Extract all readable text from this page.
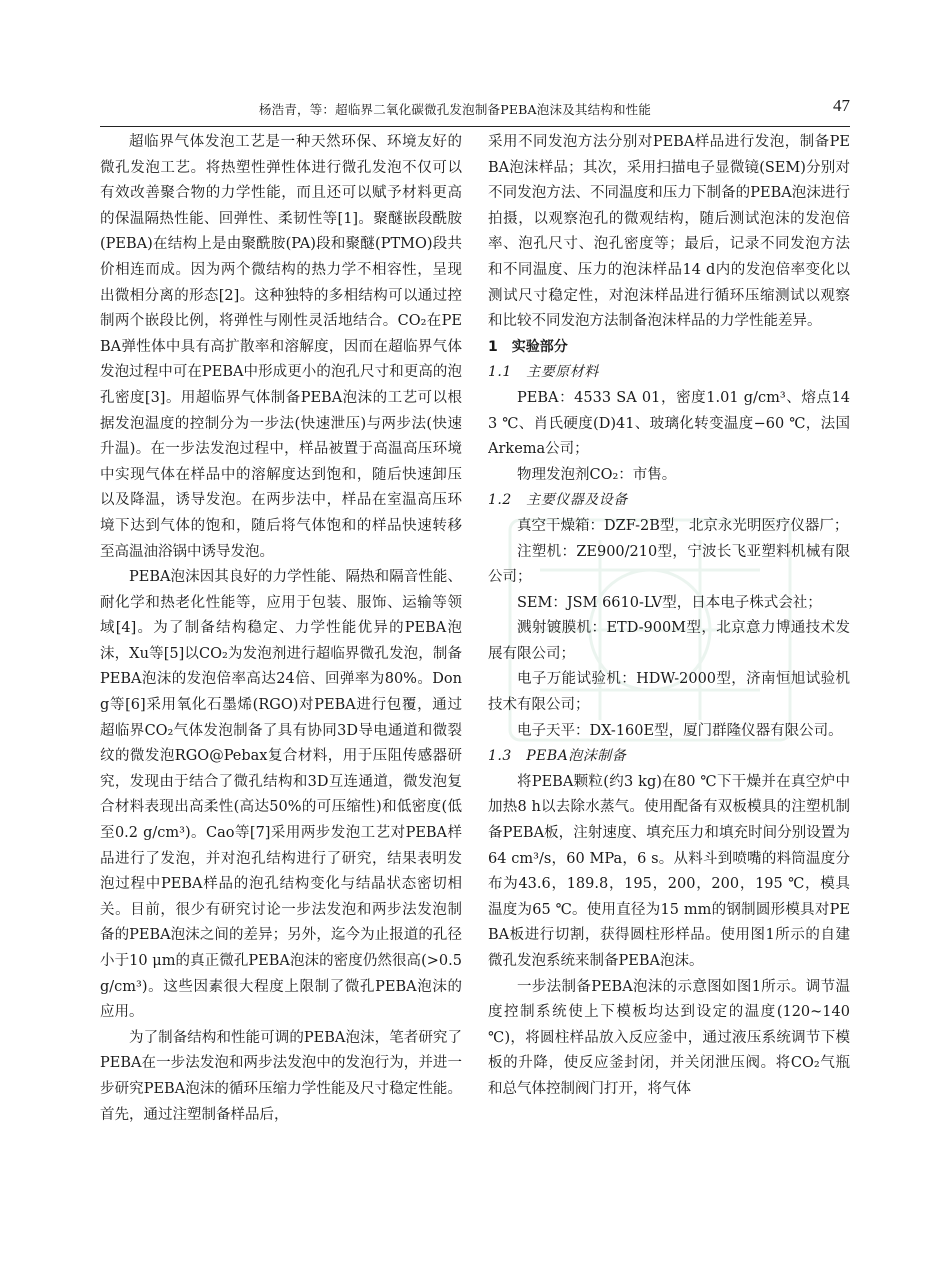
杨浩青，等：超临界二氧化碳微孔发泡制备PEBA泡沫及其结构和性能	47

超临界气体发泡工艺是一种天然环保、环境友好的微孔发泡工艺。将热塑性弹性体进行微孔发泡不仅可以有效改善聚合物的力学性能，而且还可以赋予材料更高的保温隔热性能、回弹性、柔韧性等[1]。聚醚嵌段酰胺(PEBA)在结构上是由聚酰胺(PA)段和聚醚(PTMO)段共价相连而成。因为两个微结构的热力学不相容性，呈现出微相分离的形态[2]。这种独特的多相结构可以通过控制两个嵌段比例，将弹性与刚性灵活地结合。CO₂在PEBA弹性体中具有高扩散率和溶解度，因而在超临界气体发泡过程中可在PEBA中形成更小的泡孔尺寸和更高的泡孔密度[3]。用超临界气体制备PEBA泡沫的工艺可以根据发泡温度的控制分为一步法(快速泄压)与两步法(快速升温)。在一步法发泡过程中，样品被置于高温高压环境中实现气体在样品中的溶解度达到饱和，随后快速卸压以及降温，诱导发泡。在两步法中，样品在室温高压环境下达到气体的饱和，随后将气体饱和的样品快速转移至高温油浴锅中诱导发泡。

PEBA泡沫因其良好的力学性能、隔热和隔音性能、耐化学和热老化性能等，应用于包装、服饰、运输等领域[4]。为了制备结构稳定、力学性能优异的PEBA泡沫，Xu等[5]以CO₂为发泡剂进行超临界微孔发泡，制备PEBA泡沫的发泡倍率高达24倍、回弹率为80%。Dong等[6]采用氧化石墨烯(RGO)对PEBA进行包覆，通过超临界CO₂气体发泡制备了具有协同3D导电通道和微裂纹的微发泡RGO@Pebax复合材料，用于压阻传感器研究，发现由于结合了微孔结构和3D互连通道，微发泡复合材料表现出高柔性(高达50%的可压缩性)和低密度(低至0.2 g/cm³)。Cao等[7]采用两步发泡工艺对PEBA样品进行了发泡，并对泡孔结构进行了研究，结果表明发泡过程中PEBA样品的泡孔结构变化与结晶状态密切相关。目前，很少有研究讨论一步法发泡和两步法发泡制备的PEBA泡沫之间的差异；另外，迄今为止报道的孔径小于10 μm的真正微孔PEBA泡沫的密度仍然很高(>0.5 g/cm³)。这些因素很大程度上限制了微孔PEBA泡沫的应用。

为了制备结构和性能可调的PEBA泡沫，笔者研究了PEBA在一步法发泡和两步法发泡中的发泡行为，并进一步研究PEBA泡沫的循环压缩力学性能及尺寸稳定性能。首先，通过注塑制备样品后，

采用不同发泡方法分别对PEBA样品进行发泡，制备PEBA泡沫样品；其次，采用扫描电子显微镜(SEM)分别对不同发泡方法、不同温度和压力下制备的PEBA泡沫进行拍摄，以观察泡孔的微观结构，随后测试泡沫的发泡倍率、泡孔尺寸、泡孔密度等；最后，记录不同发泡方法和不同温度、压力的泡沫样品14 d内的发泡倍率变化以测试尺寸稳定性，对泡沫样品进行循环压缩测试以观察和比较不同发泡方法制备泡沫样品的力学性能差异。

1　实验部分

1.1　主要原材料

PEBA：4533 SA 01，密度1.01 g/cm³、熔点143 ℃、肖氏硬度(D)41、玻璃化转变温度−60 ℃，法国Arkema公司；

物理发泡剂CO₂：市售。

1.2　主要仪器及设备

真空干燥箱：DZF-2B型，北京永光明医疗仪器厂；

注塑机：ZE900/210型，宁波长飞亚塑料机械有限公司；

SEM：JSM 6610-LV型，日本电子株式会社；

溅射镀膜机：ETD-900M型，北京意力博通技术发展有限公司；

电子万能试验机：HDW-2000型，济南恒旭试验机技术有限公司；

电子天平：DX-160E型，厦门群隆仪器有限公司。

1.3　PEBA泡沫制备

将PEBA颗粒(约3 kg)在80 ℃下干燥并在真空炉中加热8 h以去除水蒸气。使用配备有双板模具的注塑机制备PEBA板，注射速度、填充压力和填充时间分别设置为64 cm³/s，60 MPa，6 s。从料斗到喷嘴的料筒温度分布为43.6，189.8，195，200，200，195 ℃，模具温度为65 ℃。使用直径为15 mm的钢制圆形模具对PEBA板进行切割，获得圆柱形样品。使用图1所示的自建微孔发泡系统来制备PEBA泡沫。

一步法制备PEBA泡沫的示意图如图1所示。调节温度控制系统使上下模板均达到设定的温度(120~140 ℃)，将圆柱样品放入反应釜中，通过液压系统调节下模板的升降，使反应釜封闭，并关闭泄压阀。将CO₂气瓶和总气体控制阀门打开，将气体
